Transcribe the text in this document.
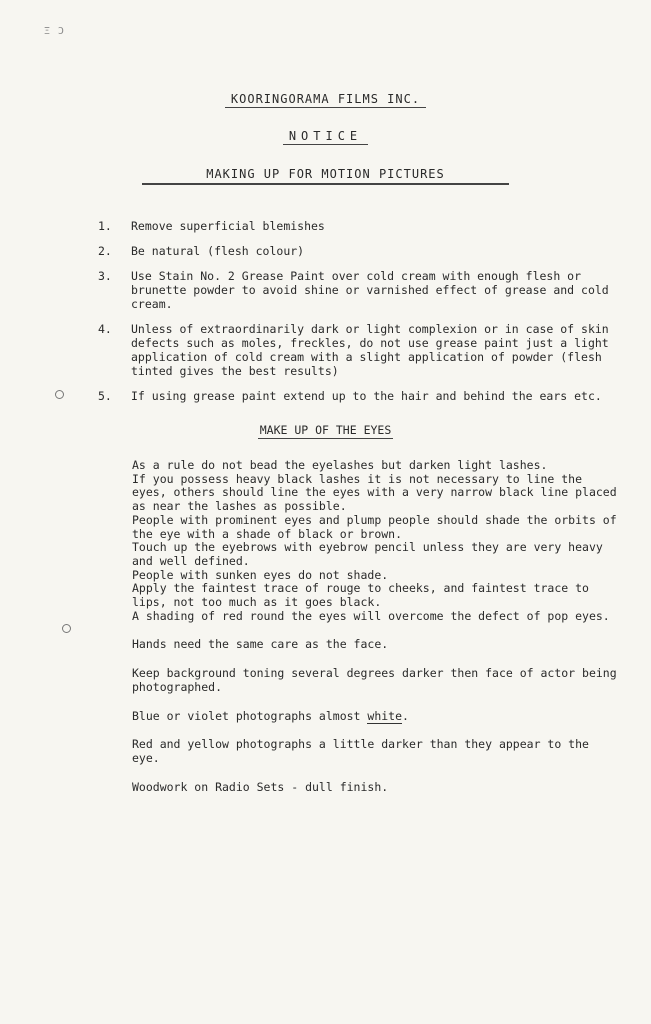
Ξ Ͻ
KOORINGORAMA FILMS INC.
NOTICE
MAKING UP FOR MOTION PICTURES
1.	Remove superficial blemishes
2.	Be natural (flesh colour)
3.	Use Stain No. 2 Grease Paint over cold cream with enough flesh or brunette powder to avoid shine or varnished effect of grease and cold cream.
4.	Unless of extraordinarily dark or light complexion or in case of skin defects such as moles, freckles, do not use grease paint just a light application of cold cream with a slight application of powder (flesh tinted gives the best results)
5.	If using grease paint extend up to the hair and behind the ears etc.
MAKE UP OF THE EYES

As a rule do not bead the eyelashes but darken light lashes.

If you possess heavy black lashes it is not necessary to line the eyes, others should line the eyes with a very narrow black line placed as near the lashes as possible.

People with prominent eyes and plump people should shade the orbits of the eye with a shade of black or brown.

Touch up the eyebrows with eyebrow pencil unless they are very heavy and well defined.

People with sunken eyes do not shade.

Apply the faintest trace of rouge to cheeks, and faintest trace to lips, not too much as it goes black.

A shading of red round the eyes will overcome the defect of pop eyes.

Hands need the same care as the face.

Keep background toning several degrees darker then face of actor being photographed.

Blue or violet photographs almost white.

Red and yellow photographs a little darker than they appear to the eye.

Woodwork on Radio Sets - dull finish.
